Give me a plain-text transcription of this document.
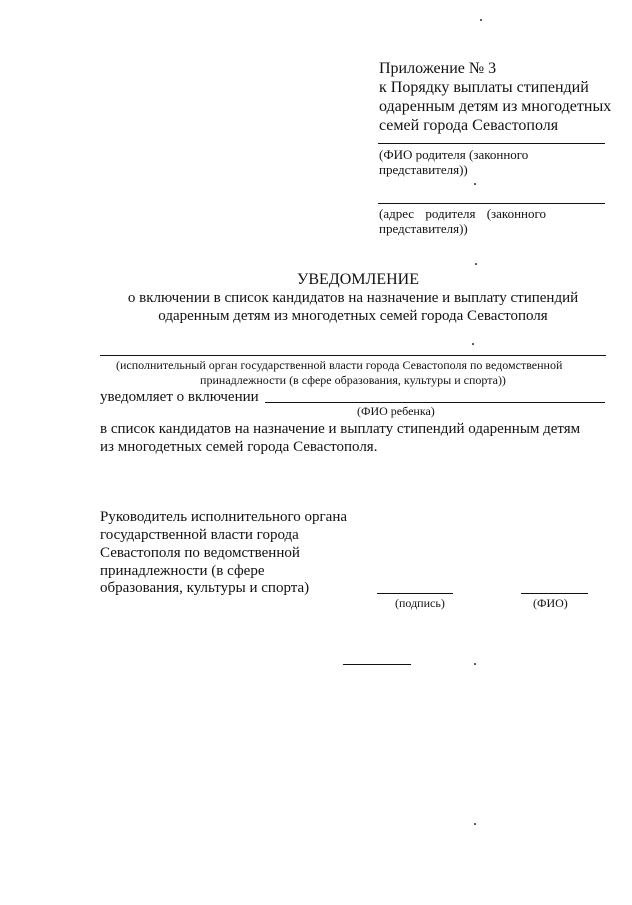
Приложение № 3
к Порядку выплаты стипендий
одаренным детям из многодетных
семей города Севастополя
(ФИО родителя (законного
представителя))
(адрес родителя (законного
представителя))
УВЕДОМЛЕНИЕ
о включении в список кандидатов на назначение и выплату стипендий
одаренным детям из многодетных семей города Севастополя
(исполнительный орган государственной власти города Севастополя по ведомственной
принадлежности (в сфере образования, культуры и спорта))
уведомляет о включении
(ФИО ребенка)
в список кандидатов на назначение и выплату стипендий одаренным детям
из многодетных семей города Севастополя.
Руководитель исполнительного органа
государственной власти города
Севастополя по ведомственной
принадлежности (в сфере
образования, культуры и спорта)
(подпись)	(ФИО)
